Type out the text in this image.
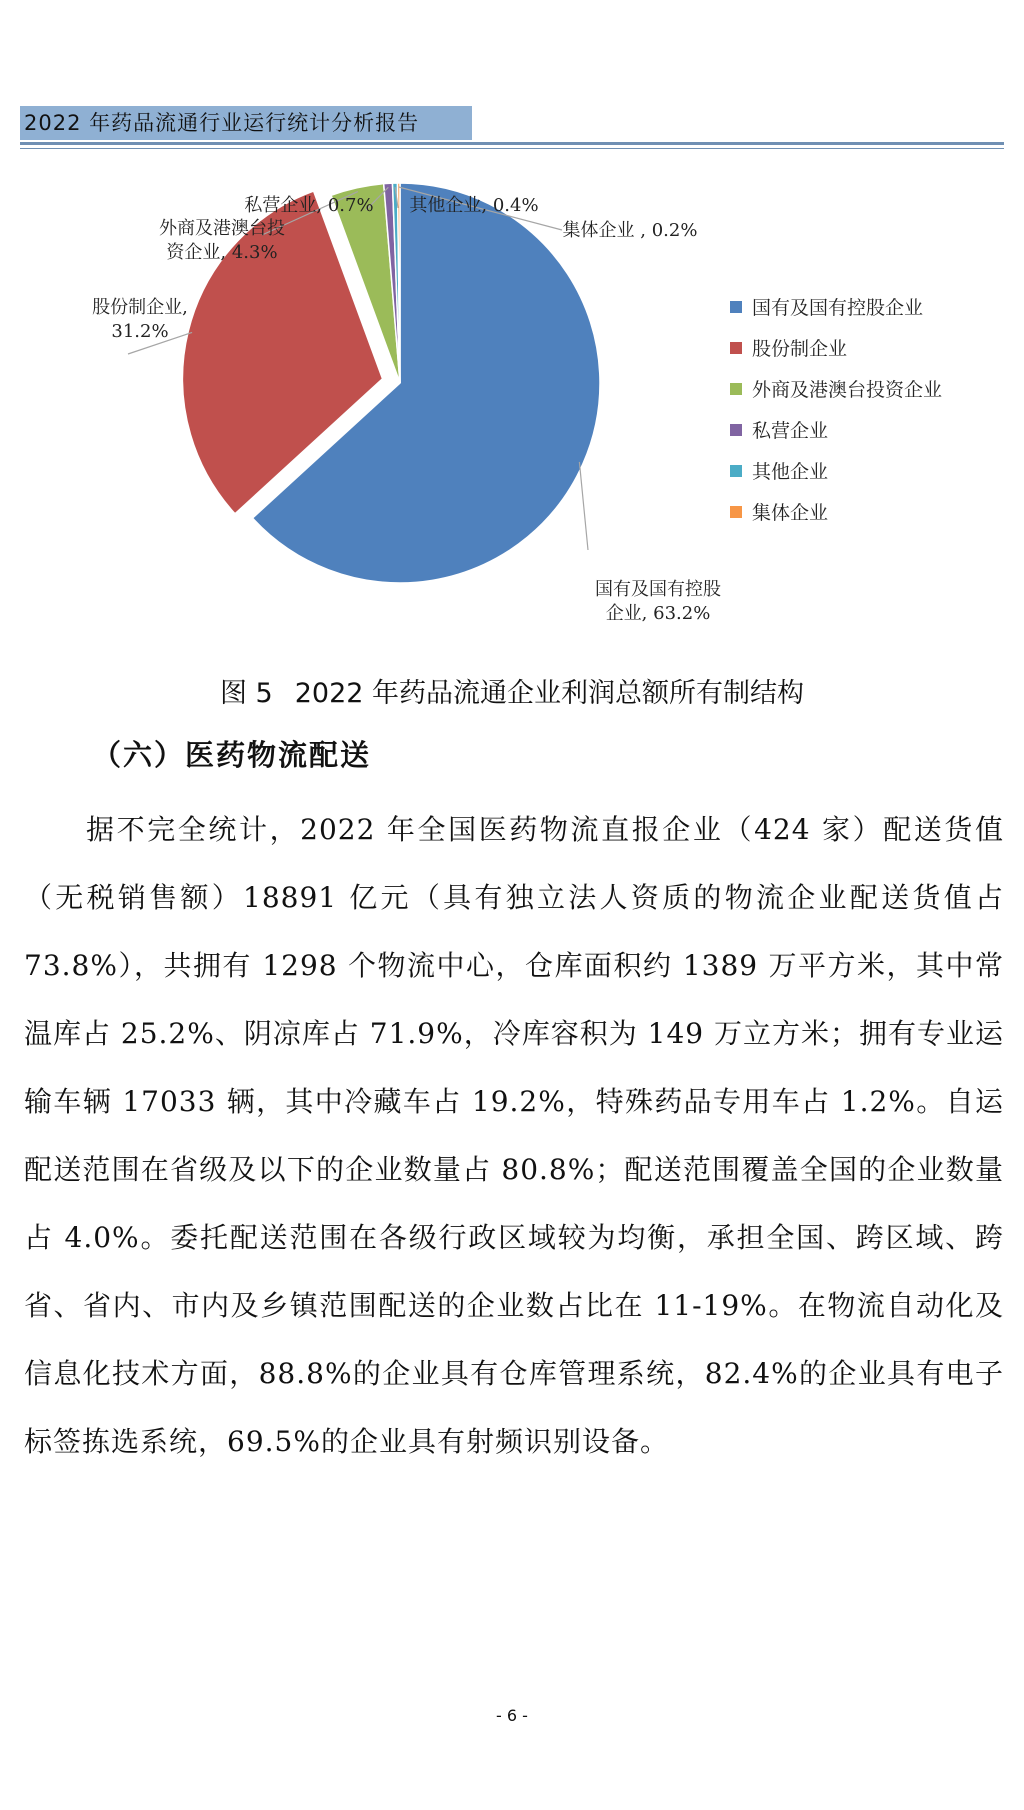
2022 年药品流通行业运行统计分析报告
国有及国有控股企业, 63.2%
股份制企业, 31.2%
外商及港澳台投资企业, 4.3%
私营企业, 0.7% 其他企业, 0.4%
集体企业 , 0.2%
国有及国有控股企业
股份制企业
外商及港澳台投资企业
私营企业
其他企业
集体企业
图 5 2022 年药品流通企业利润总额所有制结构
（六）医药物流配送

据不完全统计，2022 年全国医药物流直报企业（424 家）配送货值（无税销售额）18891 亿元（具有独立法人资质的物流企业配送货值占 73.8%），共拥有 1298 个物流中心，仓库面积约 1389 万平方米，其中常温库占 25.2%、阴凉库占 71.9%，冷库容积为 149 万立方米；拥有专业运输车辆 17033 辆，其中冷藏车占 19.2%，特殊药品专用车占 1.2%。自运配送范围在省级及以下的企业数量占 80.8%；配送范围覆盖全国的企业数量占 4.0%。委托配送范围在各级行政区域较为均衡，承担全国、跨区域、跨省、省内、市内及乡镇范围配送的企业数占比在 11-19%。在物流自动化及信息化技术方面，88.8%的企业具有仓库管理系统，82.4%的企业具有电子标签拣选系统，69.5%的企业具有射频识别设备。

- 6 -
